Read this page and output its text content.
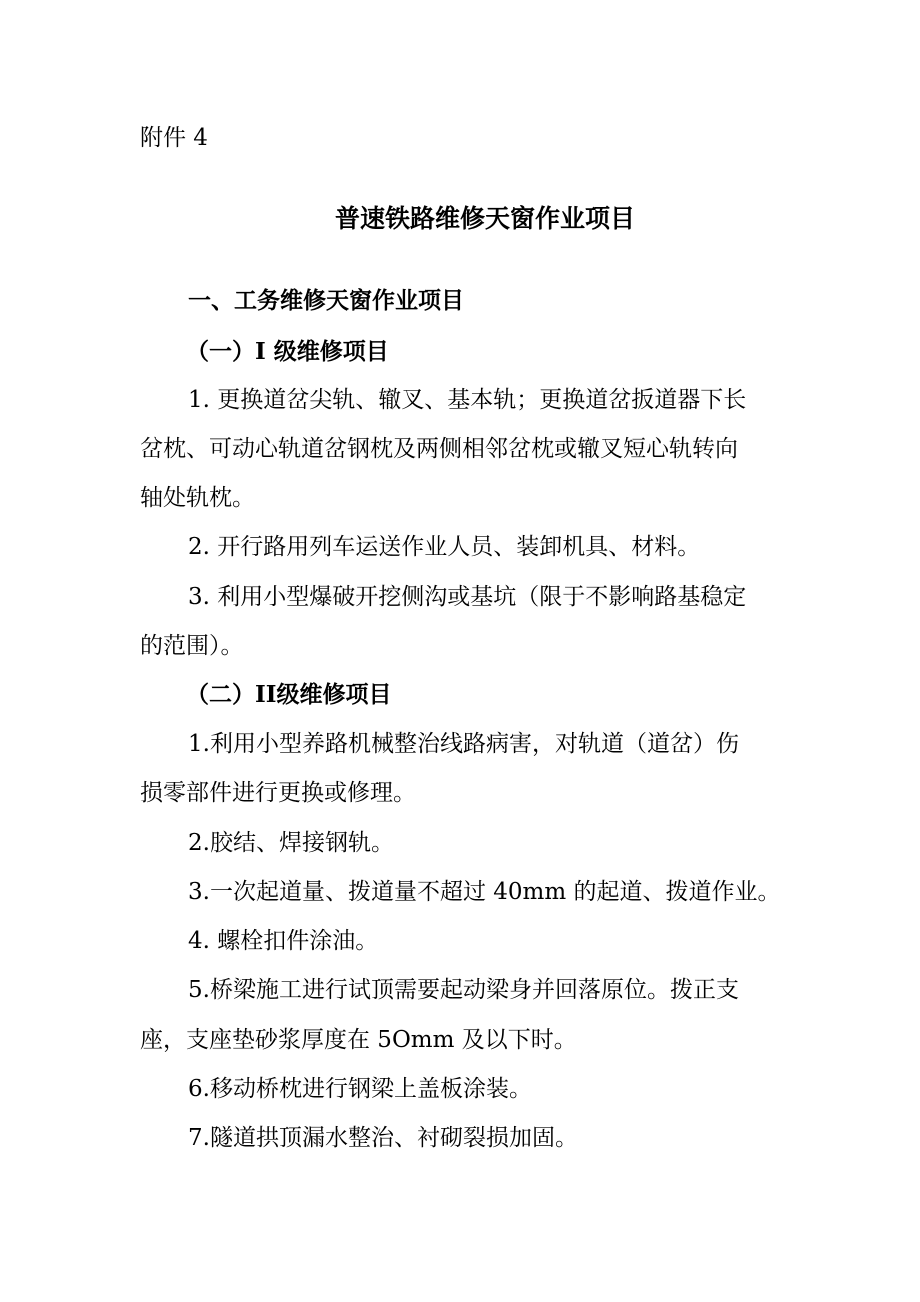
附件 4
普速铁路维修天窗作业项目
一、工务维修天窗作业项目
（一）I 级维修项目
1. 更换道岔尖轨、辙叉、基本轨；更换道岔扳道器下长
岔枕、可动心轨道岔钢枕及两侧相邻岔枕或辙叉短心轨转向
轴处轨枕。
2. 开行路用列车运送作业人员、装卸机具、材料。
3. 利用小型爆破开挖侧沟或基坑（限于不影响路基稳定
的范围）。
（二）II级维修项目
1.利用小型养路机械整治线路病害，对轨道（道岔）伤
损零部件进行更换或修理。
2.胶结、焊接钢轨。
3.一次起道量、拨道量不超过 40mm 的起道、拨道作业。
4. 螺栓扣件涂油。
5.桥梁施工进行试顶需要起动梁身并回落原位。拨正支
座，支座垫砂浆厚度在 5Omm 及以下时。
6.移动桥枕进行钢梁上盖板涂装。
7.隧道拱顶漏水整治、衬砌裂损加固。
